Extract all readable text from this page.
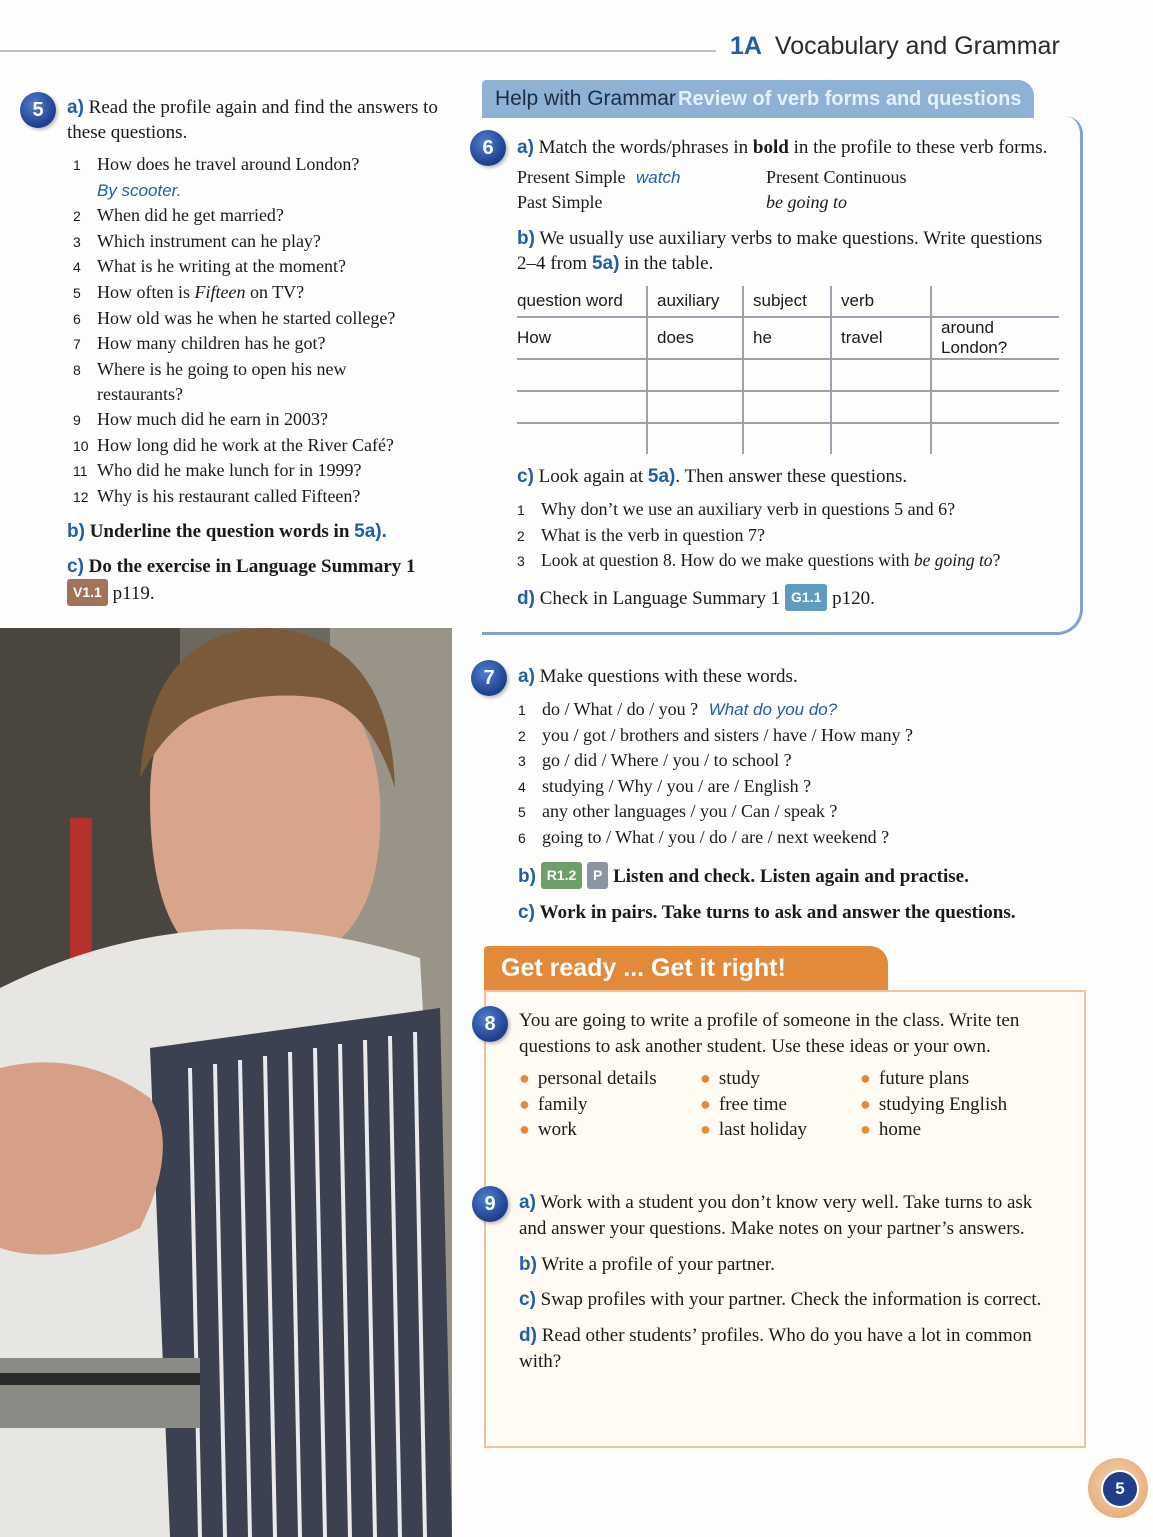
1A Vocabulary and Grammar
5	a) Read the profile again and find the answers to these questions.

1 How does he travel around London?
By scooter.
2 When did he get married?
3 Which instrument can he play?
4 What is he writing at the moment?
5 How often is Fifteen on TV?
6 How old was he when he started college?
7 How many children has he got?
8 Where is he going to open his new
restaurants?
9 How much did he earn in 2003?
10 How long did he work at the River Café?
11 Who did he make lunch for in 1999?
12 Why is his restaurant called Fifteen?

b) Underline the question words in 5a).

c) Do the exercise in Language Summary 1
V1.1 p119.

Help with Grammar Review of verb forms and questions
6	a) Match the words/phrases in bold in the profile to these verb forms.

Present Simple watch	Present Continuous
Past Simple	be going to

b) We usually use auxiliary verbs to make questions. Write questions 2–4 from 5a) in the table.

question word	auxiliary	subject	verb	
How	does	he	travel	around London?

c) Look again at 5a). Then answer these questions.

1 Why don’t we use an auxiliary verb in questions 5 and 6?
2 What is the verb in question 7?
3 Look at question 8. How do we make questions with be going to?

d) Check in Language Summary 1 G1.1 p120.

7	a) Make questions with these words.

1 do / What / do / you ? What do you do?
2 you / got / brothers and sisters / have / How many ?
3 go / did / Where / you / to school ?
4 studying / Why / you / are / English ?
5 any other languages / you / Can / speak ?
6 going to / What / you / do / are / next weekend ?

b) R1.2 P Listen and check. Listen again and practise.

c) Work in pairs. Take turns to ask and answer the questions.

Get ready ... Get it right!
8	You are going to write a profile of someone in the class. Write ten questions to ask another student. Use these ideas or your own.

● personal details
● family
● work
● study
● free time
● last holiday
● future plans
● studying English
● home
9	a) Work with a student you don’t know very well. Take turns to ask and answer your questions. Make notes on your partner’s answers.

b) Write a profile of your partner.

c) Swap profiles with your partner. Check the information is correct.

d) Read other students’ profiles. Who do you have a lot in common with?

5
